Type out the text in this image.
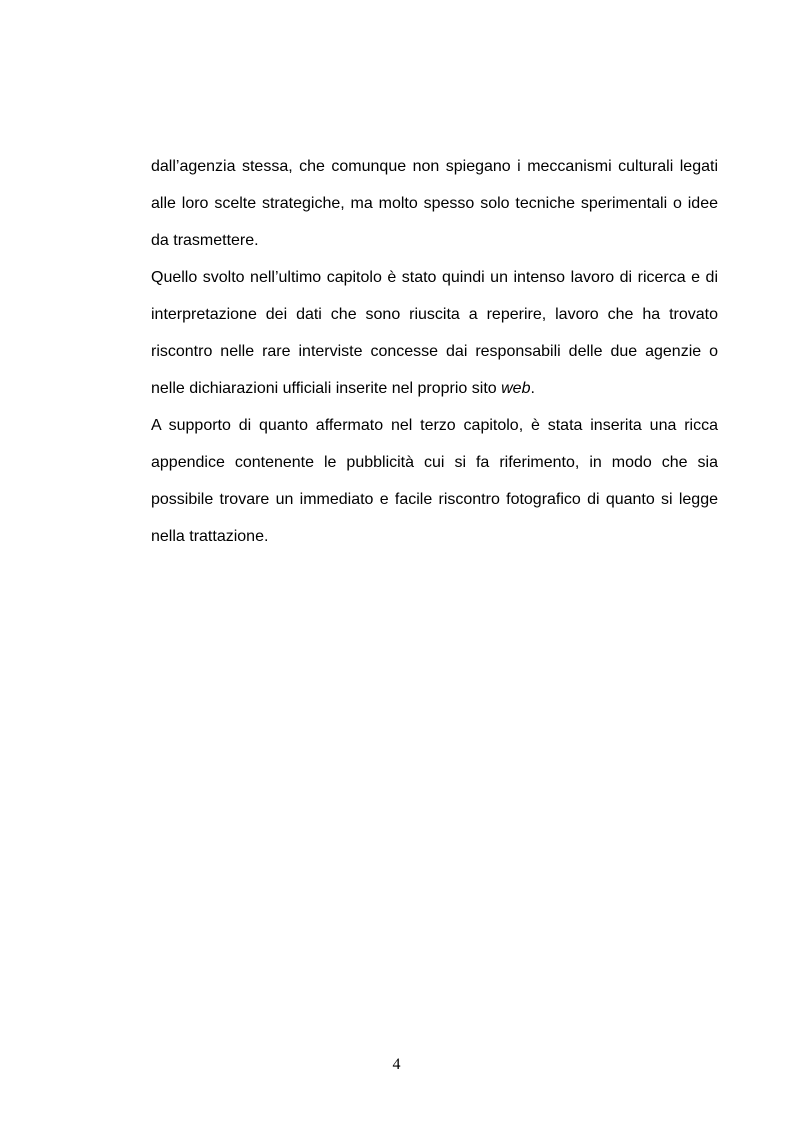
dall’agenzia stessa, che comunque non spiegano i meccanismi culturali legati alle loro scelte strategiche, ma molto spesso solo tecniche sperimentali o idee da trasmettere.

Quello svolto nell’ultimo capitolo è stato quindi un intenso lavoro di ricerca e di interpretazione dei dati che sono riuscita a reperire, lavoro che ha trovato riscontro nelle rare interviste concesse dai responsabili delle due agenzie o nelle dichiarazioni ufficiali inserite nel proprio sito web.

A supporto di quanto affermato nel terzo capitolo, è stata inserita una ricca appendice contenente le pubblicità cui si fa riferimento, in modo che sia possibile trovare un immediato e facile riscontro fotografico di quanto si legge nella trattazione.

4
